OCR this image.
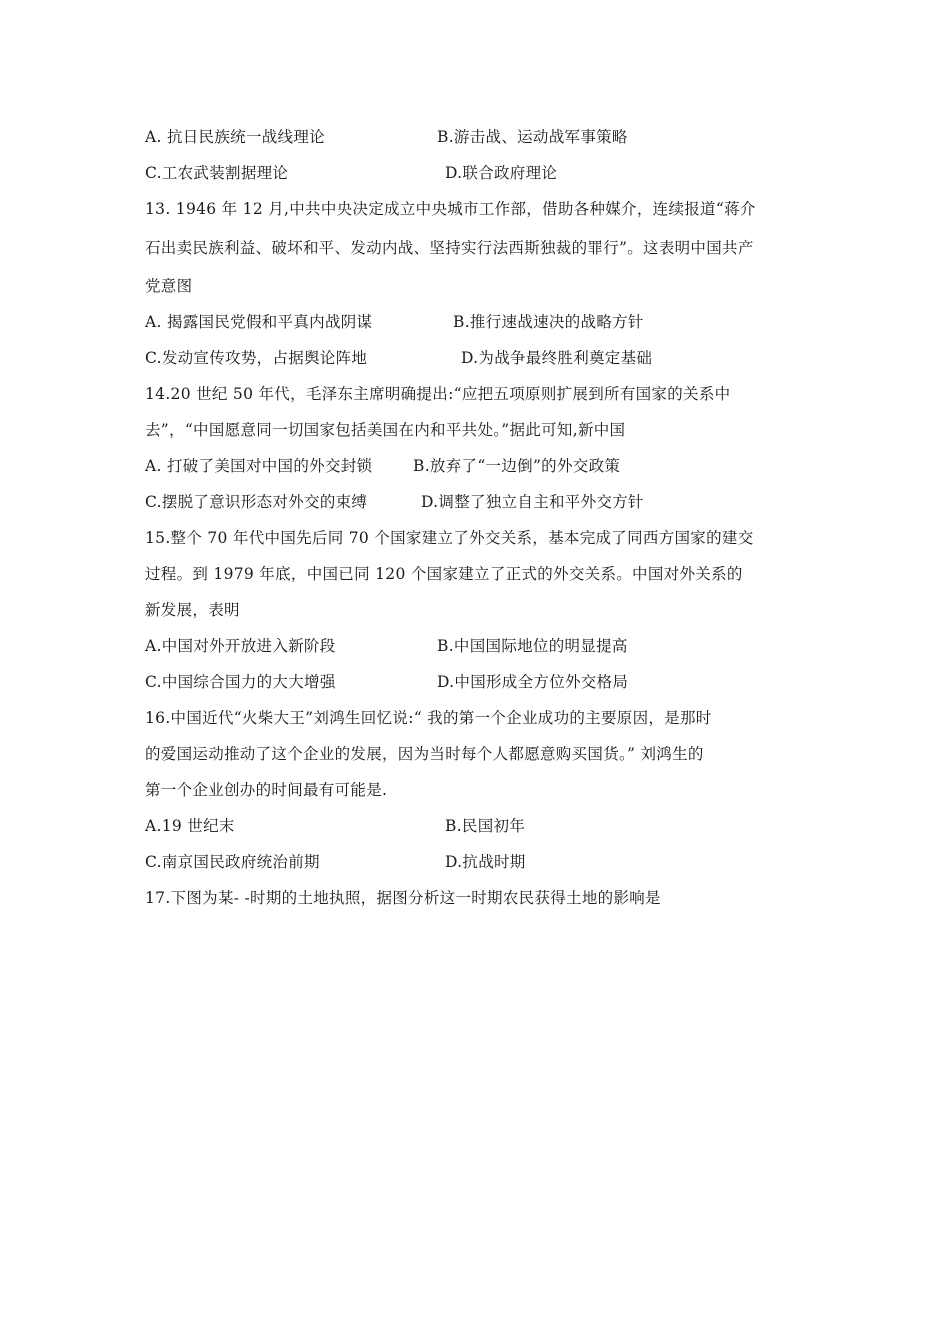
A. 抗日民族统一战线理论	B.游击战、运动战军事策略
C.工农武装割据理论	D.联合政府理论
13. 1946 年 12 月,中共中央决定成立中央城市工作部，借助各种媒介，连续报道“蒋介
石出卖民族利益、破坏和平、发动内战、坚持实行法西斯独裁的罪行”。这表明中国共产
党意图
A. 揭露国民党假和平真内战阴谋	B.推行速战速决的战略方针
C.发动宣传攻势，占据舆论阵地	D.为战争最终胜利奠定基础
14.20 世纪 50 年代，毛泽东主席明确提出:“应把五项原则扩展到所有国家的关系中
去”，“中国愿意同一切国家包括美国在内和平共处。”据此可知,新中国
A. 打破了美国对中国的外交封锁	B.放弃了“一边倒”的外交政策
C.摆脱了意识形态对外交的束缚	D.调整了独立自主和平外交方针
15.整个 70 年代中国先后同 70 个国家建立了外交关系，基本完成了同西方国家的建交
过程。到 1979 年底，中国已同 120 个国家建立了正式的外交关系。中国对外关系的
新发展，表明
A.中国对外开放进入新阶段	B.中国国际地位的明显提高
C.中国综合国力的大大增强	D.中国形成全方位外交格局
16.中国近代“火柴大王”刘鸿生回忆说:“ 我的第一个企业成功的主要原因，是那时
的爱国运动推动了这个企业的发展，因为当时每个人都愿意购买国货。” 刘鸿生的
第一个企业创办的时间最有可能是.
A.19 世纪末	B.民国初年
C.南京国民政府统治前期	D.抗战时期
17.下图为某- -时期的土地执照，据图分析这一时期农民获得土地的影响是
